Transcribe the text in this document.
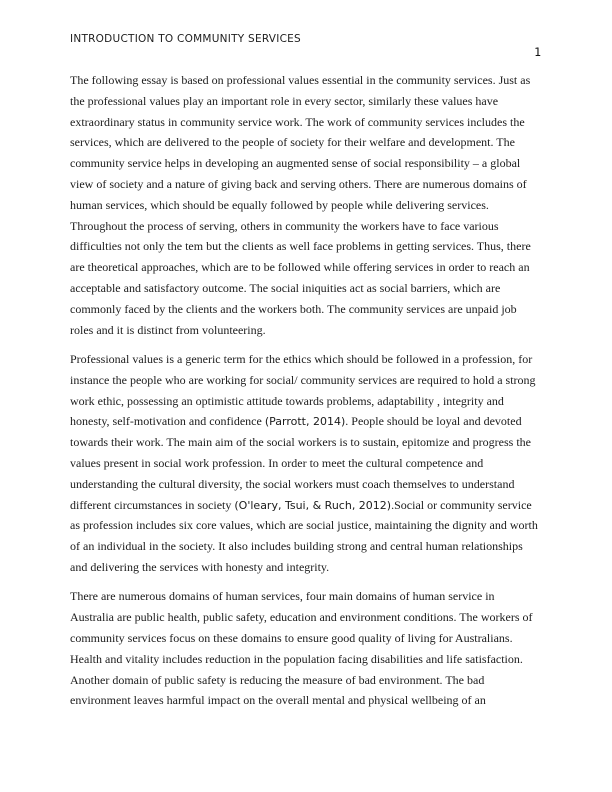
INTRODUCTION TO COMMUNITY SERVICES
1
The following essay is based on professional values essential in the community services. Just as
the professional values play an important role in every sector, similarly these values have
extraordinary status in community service work. The work of community services includes the
services, which are delivered to the people of society for their welfare and development. The
community service helps in developing an augmented sense of social responsibility – a global
view of society and a nature of giving back and serving others. There are numerous domains of
human services, which should be equally followed by people while delivering services.
Throughout the process of serving, others in community the workers have to face various
difficulties not only the tem but the clients as well face problems in getting services. Thus, there
are theoretical approaches, which are to be followed while offering services in order to reach an
acceptable and satisfactory outcome. The social iniquities act as social barriers, which are
commonly faced by the clients and the workers both. The community services are unpaid job
roles and it is distinct from volunteering.
Professional values is a generic term for the ethics which should be followed in a profession, for
instance the people who are working for social/ community services are required to hold a strong
work ethic, possessing an optimistic attitude towards problems, adaptability , integrity and
honesty, self-motivation and confidence (Parrott, 2014). People should be loyal and devoted
towards their work. The main aim of the social workers is to sustain, epitomize and progress the
values present in social work profession. In order to meet the cultural competence and
understanding the cultural diversity, the social workers must coach themselves to understand
different circumstances in society (O'leary, Tsui, & Ruch, 2012).Social or community service
as profession includes six core values, which are social justice, maintaining the dignity and worth
of an individual in the society. It also includes building strong and central human relationships
and delivering the services with honesty and integrity.
There are numerous domains of human services, four main domains of human service in
Australia are public health, public safety, education and environment conditions. The workers of
community services focus on these domains to ensure good quality of living for Australians.
Health and vitality includes reduction in the population facing disabilities and life satisfaction.
Another domain of public safety is reducing the measure of bad environment. The bad
environment leaves harmful impact on the overall mental and physical wellbeing of an
